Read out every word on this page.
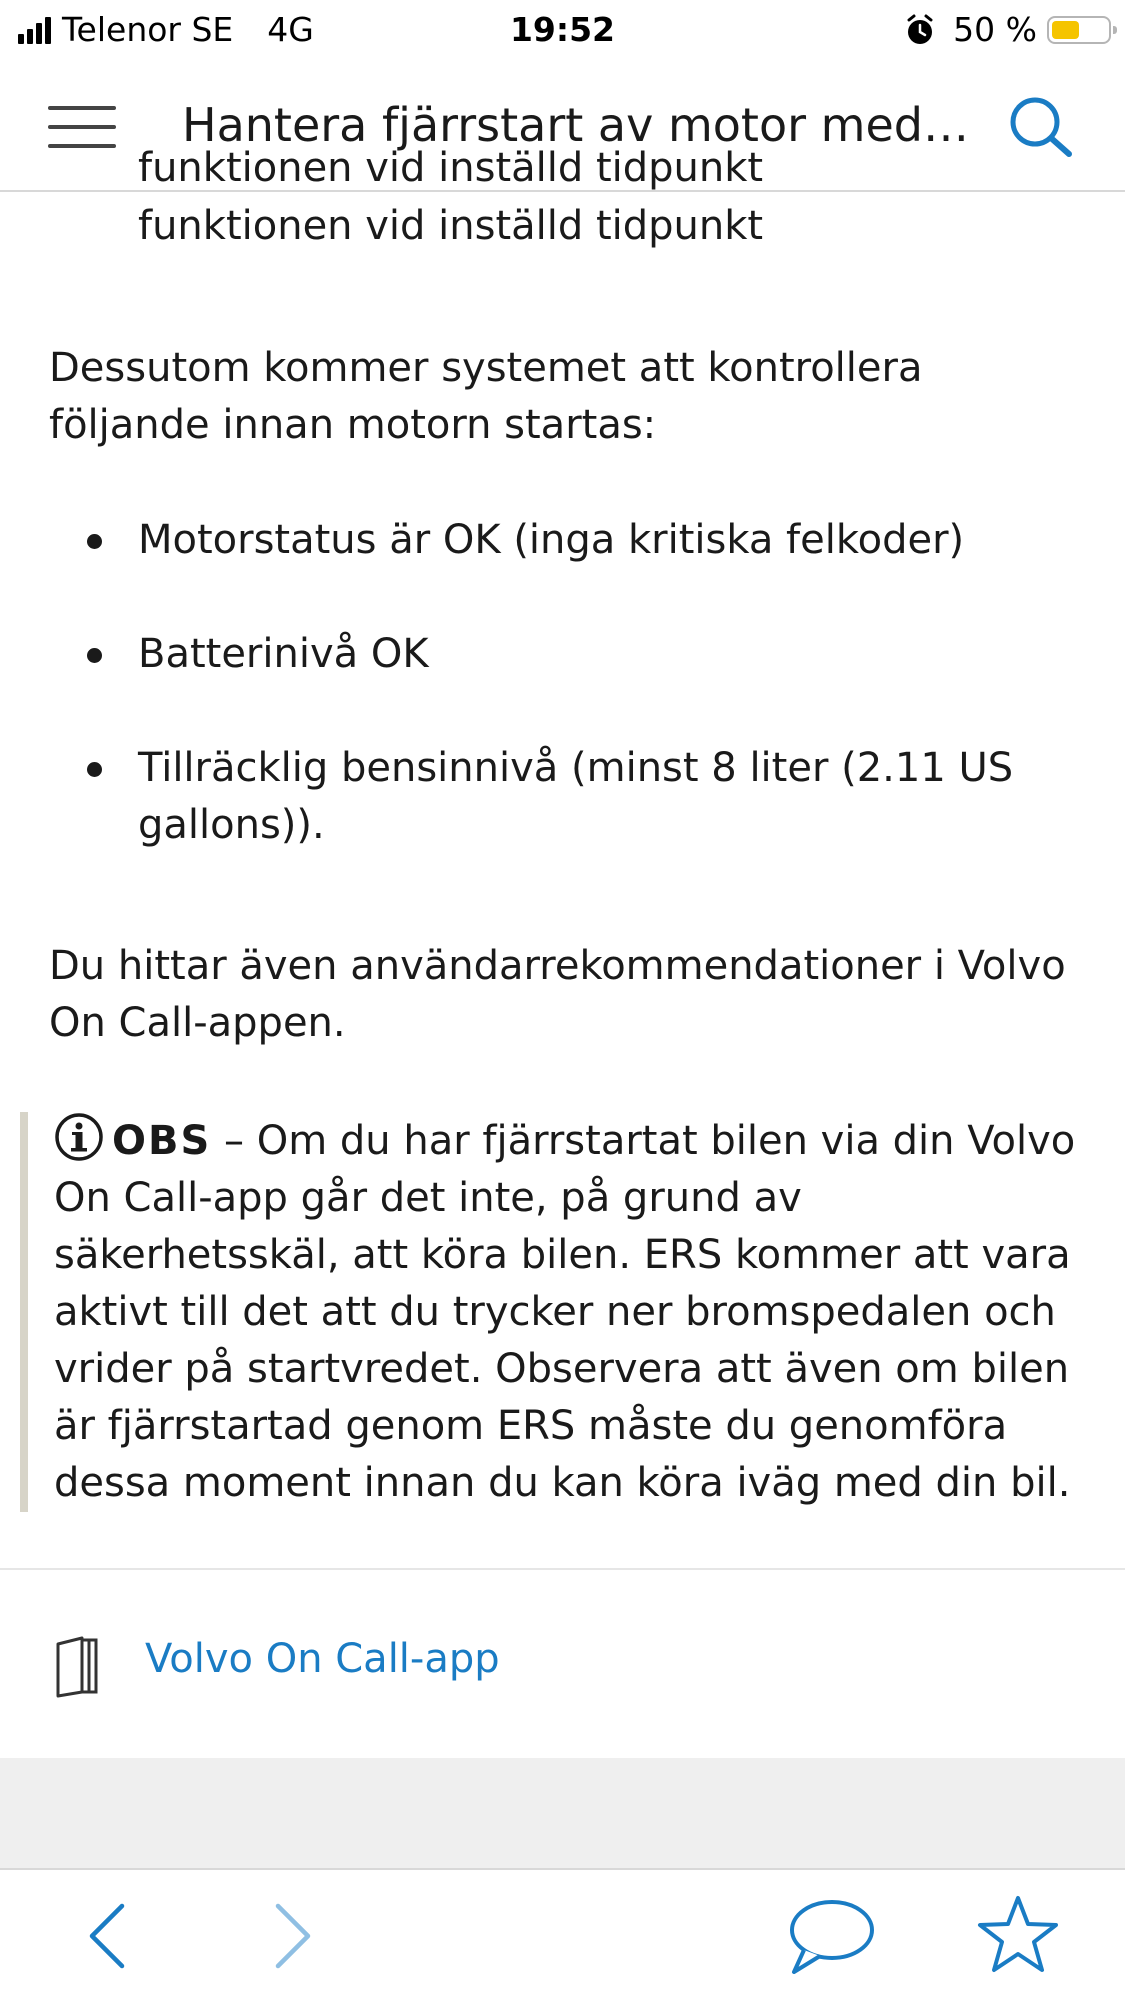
Telenor SE 4G	19:52	50 %
Hantera fjärrstart av motor med…
funktionen vid inställd tidpunkt
funktionen vid inställd tidpunkt
Dessutom kommer systemet att kontrollera följande innan motorn startas:
Motorstatus är OK (inga kritiska felkoder)
Batterinivå OK
Tillräcklig bensinnivå (minst 8 liter (2.11 US gallons)).
Du hittar även användarrekommendationer i Volvo On Call-appen.
OBS – Om du har fjärrstartat bilen via din Volvo On Call-app går det inte, på grund av säkerhetsskäl, att köra bilen. ERS kommer att vara aktivt till det att du trycker ner bromspedalen och vrider på startvredet. Observera att även om bilen är fjärrstartad genom ERS måste du genomföra dessa moment innan du kan köra iväg med din bil.
Volvo On Call-app
